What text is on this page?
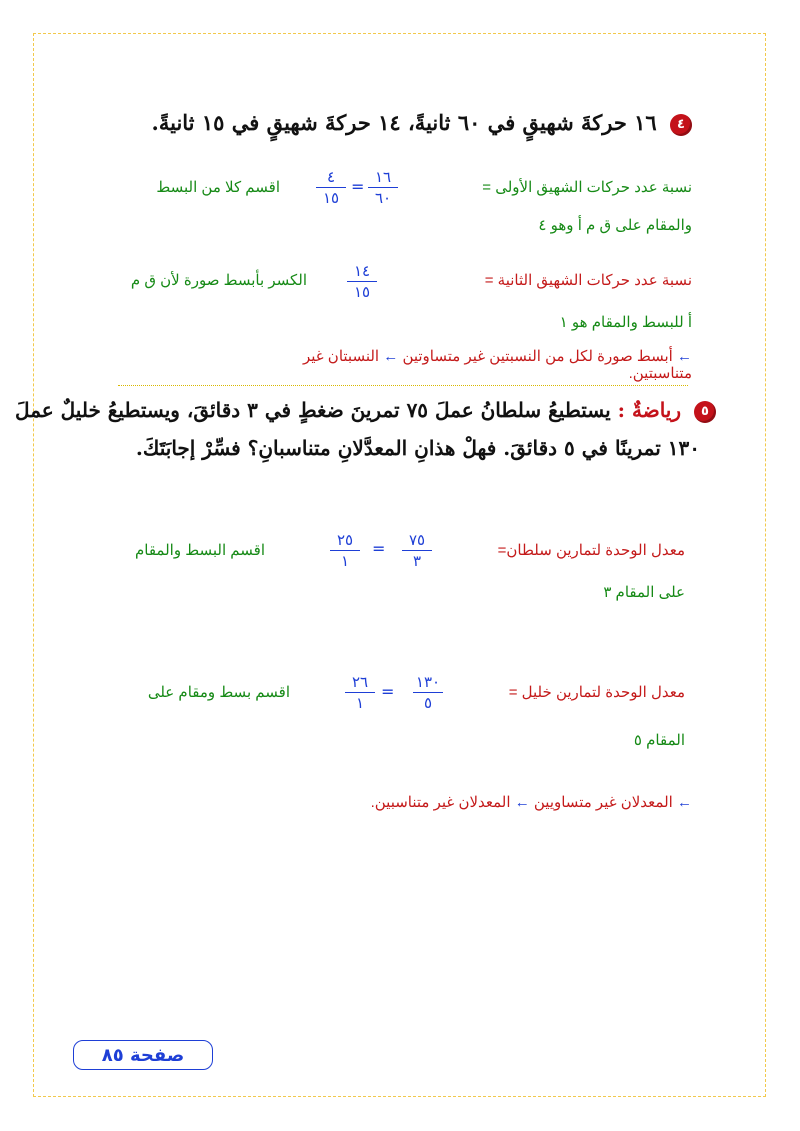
٤ ١٦ حركةَ شهيقٍ في ٦٠ ثانيةً، ١٤ حركةَ شهيقٍ في ١٥ ثانيةً.
نسبة عدد حركات الشهيق الأولى =
١٦
٦٠
=
٤
١٥
اقسم كلا من البسط
والمقام على ق م أ وهو ٤
نسبة عدد حركات الشهيق الثانية =
١٤
١٥
الكسر بأبسط صورة لأن ق م
أ للبسط والمقام هو ١
← أبسط صورة لكل من النسبتين غير متساوتين ← النسبتان غير
متناسبتين.
٥ رياضةٌ : يستطيعُ سلطانُ عملَ ٧٥ تمرينَ ضغطٍ في ٣ دقائقَ، ويستطيعُ خليلٌ عملَ
١٣٠ تمرينًا في ٥ دقائقَ. فهلْ هذانِ المعدَّلانِ متناسبانِ؟ فسِّرْ إجابَتَكَ.
معدل الوحدة لتمارين سلطان=
٧٥
٣
=
٢٥
١
اقسم البسط والمقام
على المقام ٣
معدل الوحدة لتمارين خليل =
١٣٠
٥
=
٢٦
١
اقسم بسط ومقام على
المقام ٥
← المعدلان غير متساويين ← المعدلان غير متناسبين.
صفحة ٨٥
